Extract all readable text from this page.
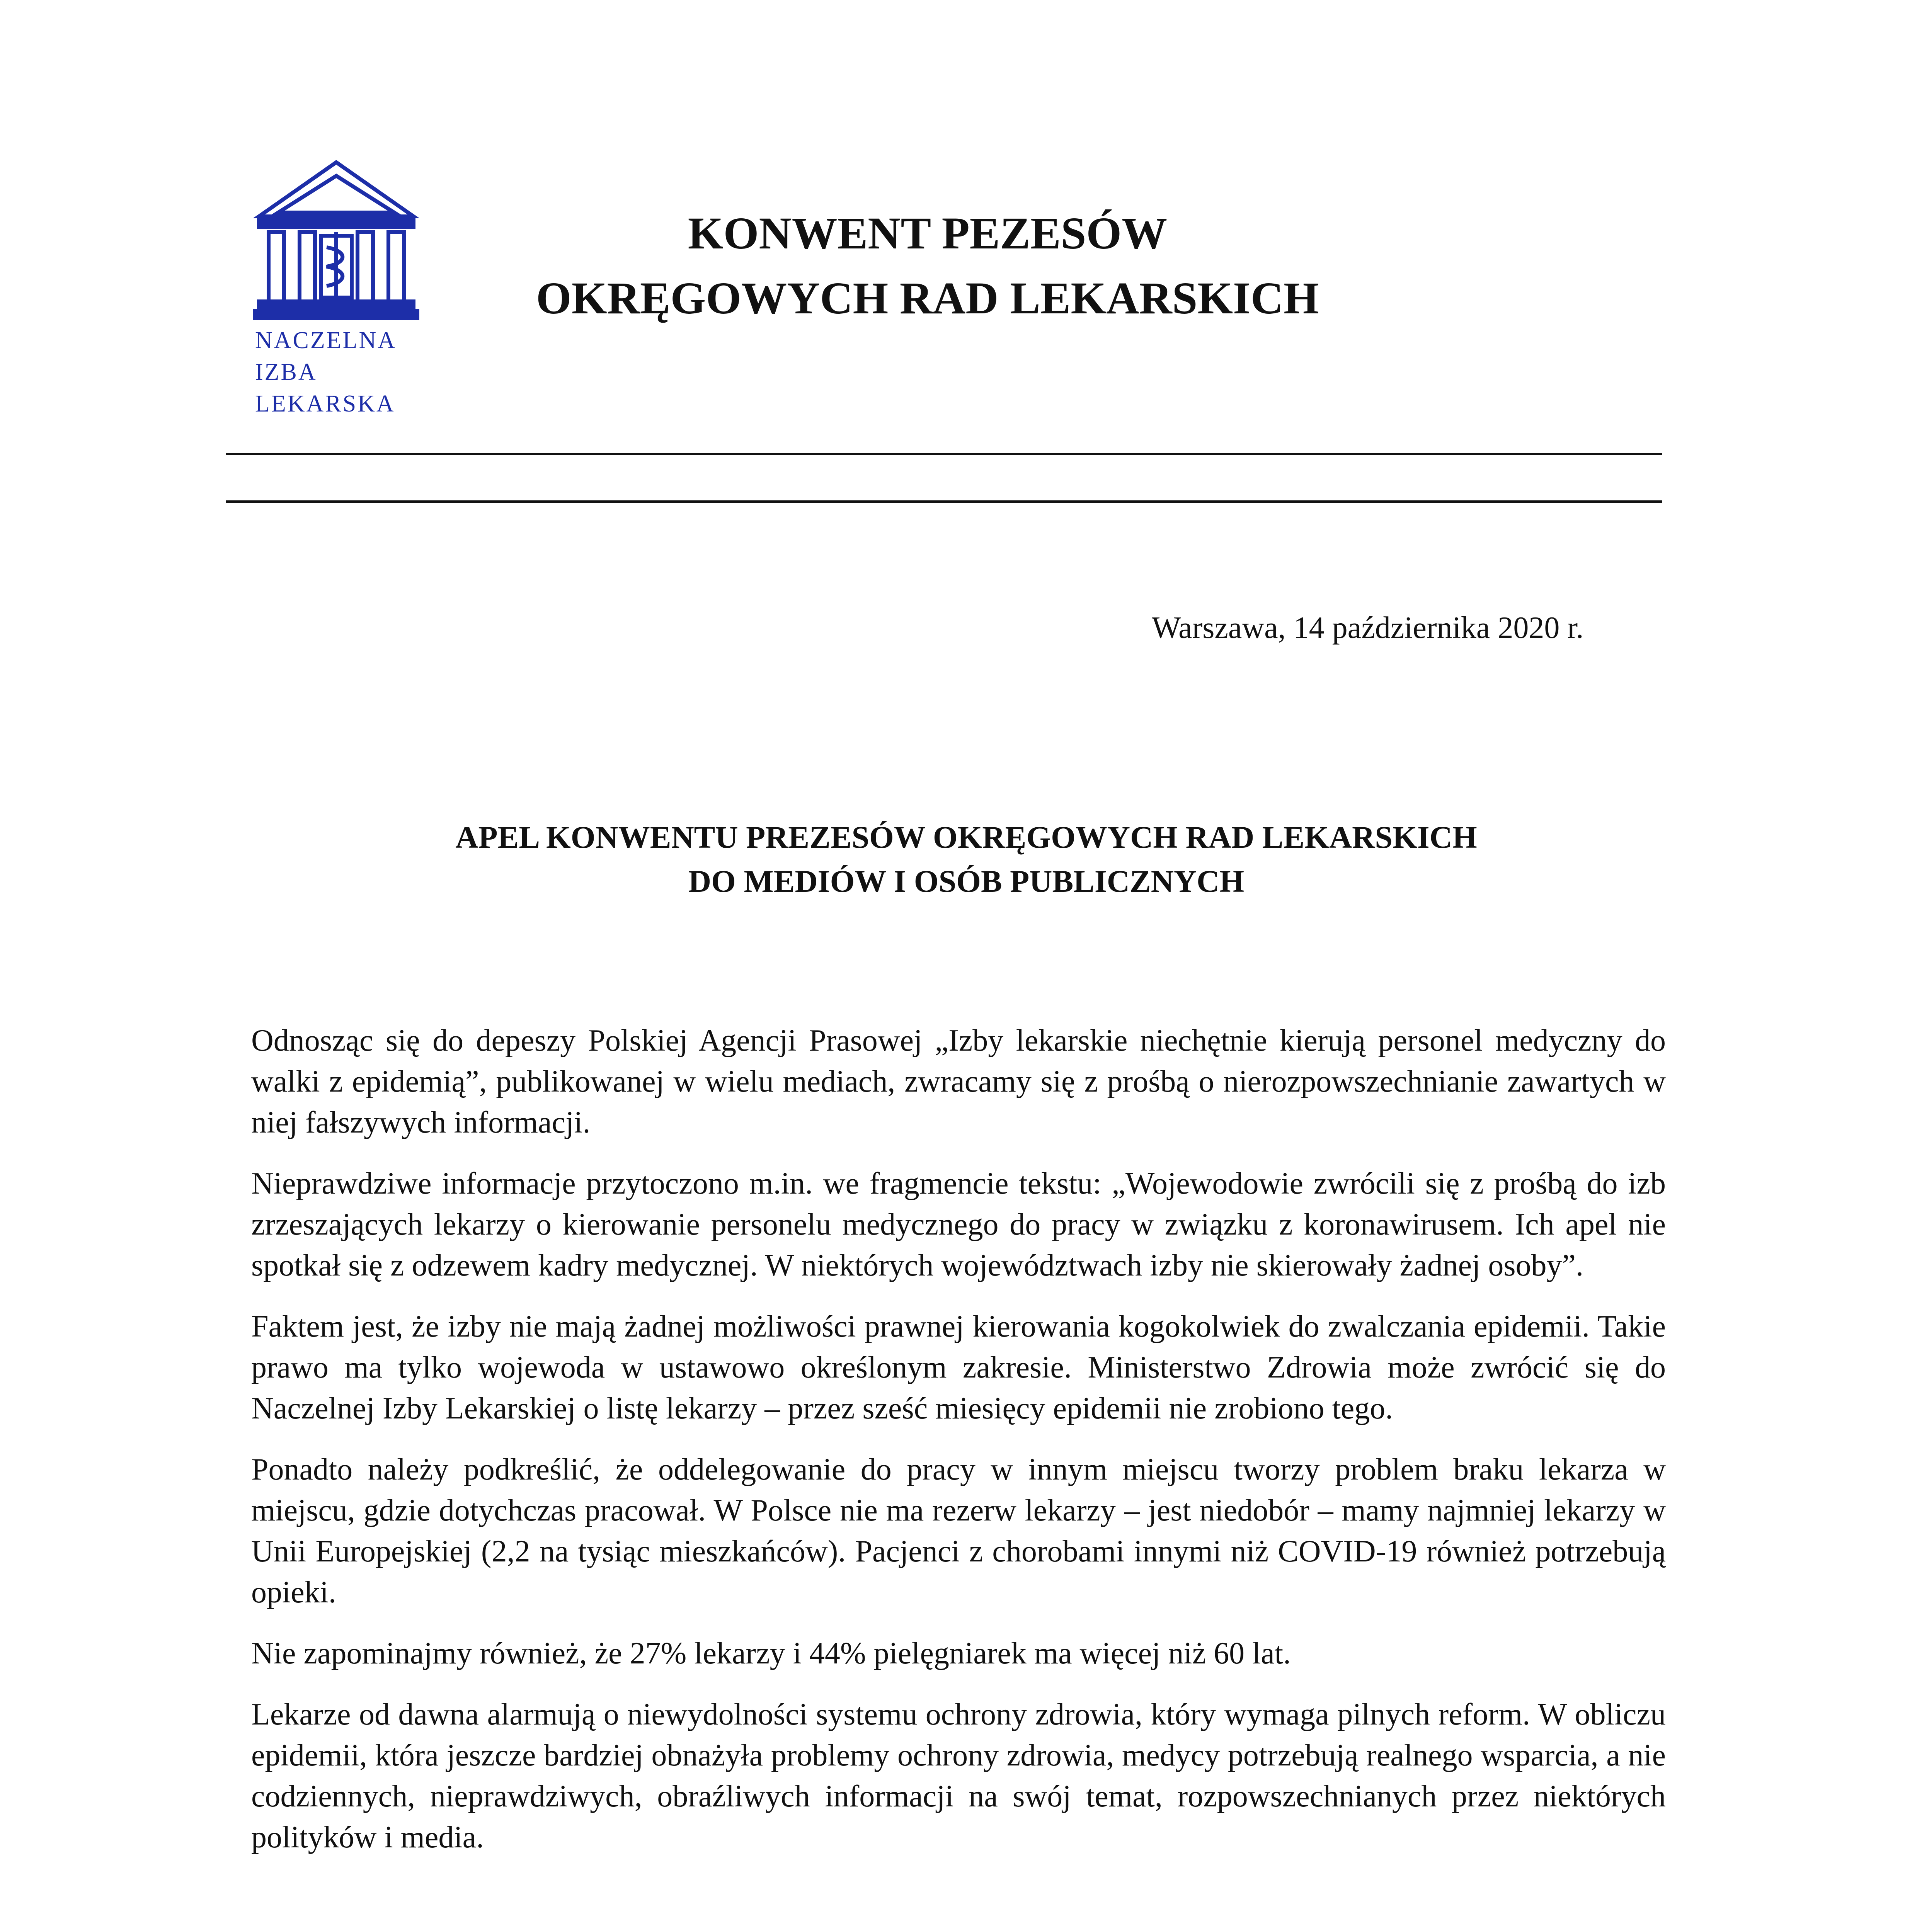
NACZELNA
IZBA LEKARSKA
KONWENT PEZESÓW
OKRĘGOWYCH RAD LEKARSKICH
Warszawa, 14 października 2020 r.
APEL KONWENTU PREZESÓW OKRĘGOWYCH RAD LEKARSKICH
DO MEDIÓW I OSÓB PUBLICZNYCH

Odnosząc się do depeszy Polskiej Agencji Prasowej „Izby lekarskie niechętnie kierują personel medyczny do walki z epidemią”, publikowanej w wielu mediach, zwracamy się z prośbą o nierozpowszechnianie zawartych w niej fałszywych informacji.

Nieprawdziwe informacje przytoczono m.in. we fragmencie tekstu: „Wojewodowie zwrócili się z prośbą do izb zrzeszających lekarzy o kierowanie personelu medycznego do pracy w związku z koronawirusem. Ich apel nie spotkał się z odzewem kadry medycznej. W niektórych województwach izby nie skierowały żadnej osoby”.

Faktem jest, że izby nie mają żadnej możliwości prawnej kierowania kogokolwiek do zwalczania epidemii. Takie prawo ma tylko wojewoda w ustawowo określonym zakresie. Ministerstwo Zdrowia może zwrócić się do Naczelnej Izby Lekarskiej o listę lekarzy – przez sześć miesięcy epidemii nie zrobiono tego.

Ponadto należy podkreślić, że oddelegowanie do pracy w innym miejscu tworzy problem braku lekarza w miejscu, gdzie dotychczas pracował. W Polsce nie ma rezerw lekarzy – jest niedobór – mamy najmniej lekarzy w Unii Europejskiej (2,2 na tysiąc mieszkańców). Pacjenci z chorobami innymi niż COVID-19 również potrzebują opieki.

Nie zapominajmy również, że 27% lekarzy i 44% pielęgniarek ma więcej niż 60 lat.

Lekarze od dawna alarmują o niewydolności systemu ochrony zdrowia, który wymaga pilnych reform. W obliczu epidemii, która jeszcze bardziej obnażyła problemy ochrony zdrowia, medycy potrzebują realnego wsparcia, a nie codziennych, nieprawdziwych, obraźliwych informacji na swój temat, rozpowszechnianych przez niektórych polityków i media.
